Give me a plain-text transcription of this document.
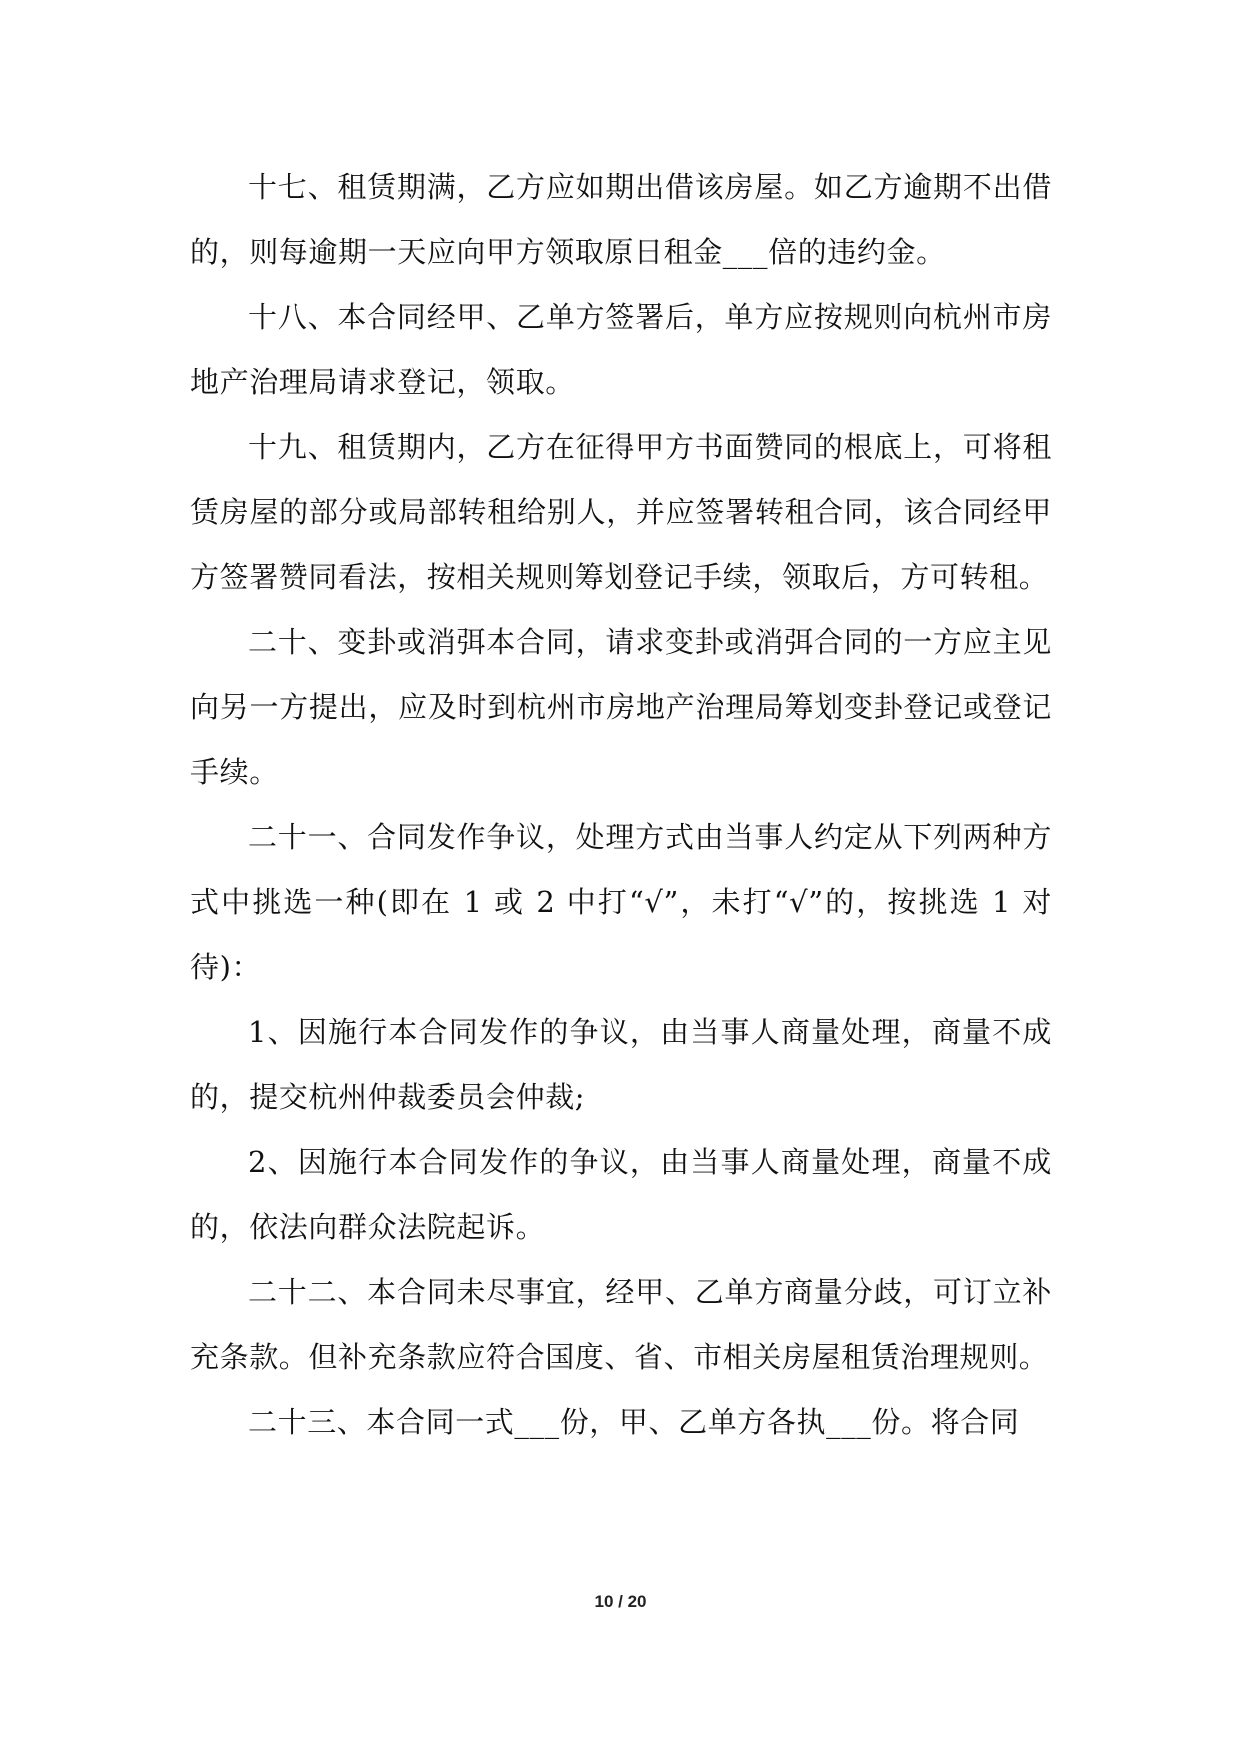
十七、租赁期满，乙方应如期出借该房屋。如乙方逾期不出借的，则每逾期一天应向甲方领取原日租金___倍的违约金。

十八、本合同经甲、乙单方签署后，单方应按规则向杭州市房地产治理局请求登记，领取。

十九、租赁期内，乙方在征得甲方书面赞同的根底上，可将租赁房屋的部分或局部转租给别人，并应签署转租合同，该合同经甲方签署赞同看法，按相关规则筹划登记手续，领取后，方可转租。

二十、变卦或消弭本合同，请求变卦或消弭合同的一方应主见向另一方提出，应及时到杭州市房地产治理局筹划变卦登记或登记手续。

二十一、合同发作争议，处理方式由当事人约定从下列两种方式中挑选一种(即在 1 或 2 中打“√”，未打“√”的，按挑选 1 对待)：

1、因施行本合同发作的争议，由当事人商量处理，商量不成的，提交杭州仲裁委员会仲裁;

2、因施行本合同发作的争议，由当事人商量处理，商量不成的，依法向群众法院起诉。

二十二、本合同未尽事宜，经甲、乙单方商量分歧，可订立补充条款。但补充条款应符合国度、省、市相关房屋租赁治理规则。

二十三、本合同一式___份，甲、乙单方各执___份。将合同

10 / 20
